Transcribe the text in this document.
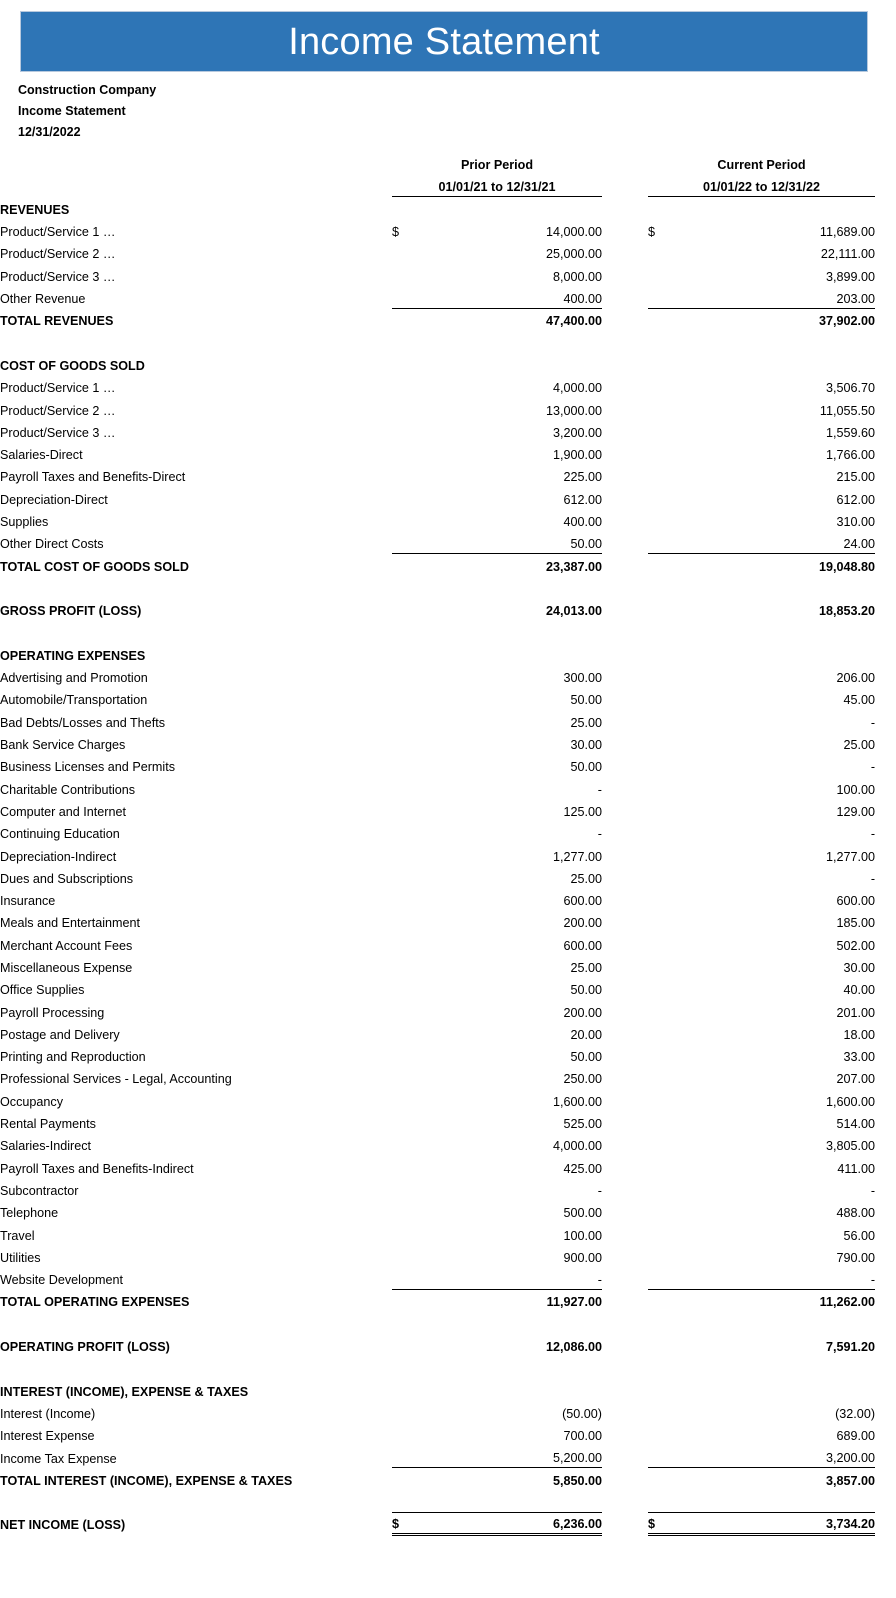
Income Statement
Construction Company
Income Statement
12/31/2022
	Prior Period			Current Period		
	01/01/21 to 12/31/21			01/01/22 to 12/31/22		
REVENUES						
Product/Service 1 …	$	14,000.00		$	11,689.00	
Product/Service 2 …		25,000.00			22,111.00	
Product/Service 3 …		8,000.00			3,899.00	
Other Revenue		400.00			203.00	
TOTAL REVENUES		47,400.00			37,902.00	

COST OF GOODS SOLD						
Product/Service 1 …		4,000.00			3,506.70	
Product/Service 2 …		13,000.00			11,055.50	
Product/Service 3 …		3,200.00			1,559.60	
Salaries-Direct		1,900.00			1,766.00	
Payroll Taxes and Benefits-Direct		225.00			215.00	
Depreciation-Direct		612.00			612.00	
Supplies		400.00			310.00	
Other Direct Costs		50.00			24.00	
TOTAL COST OF GOODS SOLD		23,387.00			19,048.80	

GROSS PROFIT (LOSS)		24,013.00			18,853.20	

OPERATING EXPENSES						
Advertising and Promotion		300.00			206.00	
Automobile/Transportation		50.00			45.00	
Bad Debts/Losses and Thefts		25.00			-	
Bank Service Charges		30.00			25.00	
Business Licenses and Permits		50.00			-	
Charitable Contributions		-			100.00	
Computer and Internet		125.00			129.00	
Continuing Education		-			-	
Depreciation-Indirect		1,277.00			1,277.00	
Dues and Subscriptions		25.00			-	
Insurance		600.00			600.00	
Meals and Entertainment		200.00			185.00	
Merchant Account Fees		600.00			502.00	
Miscellaneous Expense		25.00			30.00	
Office Supplies		50.00			40.00	
Payroll Processing		200.00			201.00	
Postage and Delivery		20.00			18.00	
Printing and Reproduction		50.00			33.00	
Professional Services - Legal, Accounting		250.00			207.00	
Occupancy		1,600.00			1,600.00	
Rental Payments		525.00			514.00	
Salaries-Indirect		4,000.00			3,805.00	
Payroll Taxes and Benefits-Indirect		425.00			411.00	
Subcontractor		-			-	
Telephone		500.00			488.00	
Travel		100.00			56.00	
Utilities		900.00			790.00	
Website Development		-			-	
TOTAL OPERATING EXPENSES		11,927.00			11,262.00	

OPERATING PROFIT (LOSS)		12,086.00			7,591.20	

INTEREST (INCOME), EXPENSE & TAXES						
Interest (Income)		(50.00)			(32.00)	
Interest Expense		700.00			689.00	
Income Tax Expense		5,200.00			3,200.00	
TOTAL INTEREST (INCOME), EXPENSE & TAXES		5,850.00			3,857.00	

NET INCOME (LOSS)	$	6,236.00		$	3,734.20	
